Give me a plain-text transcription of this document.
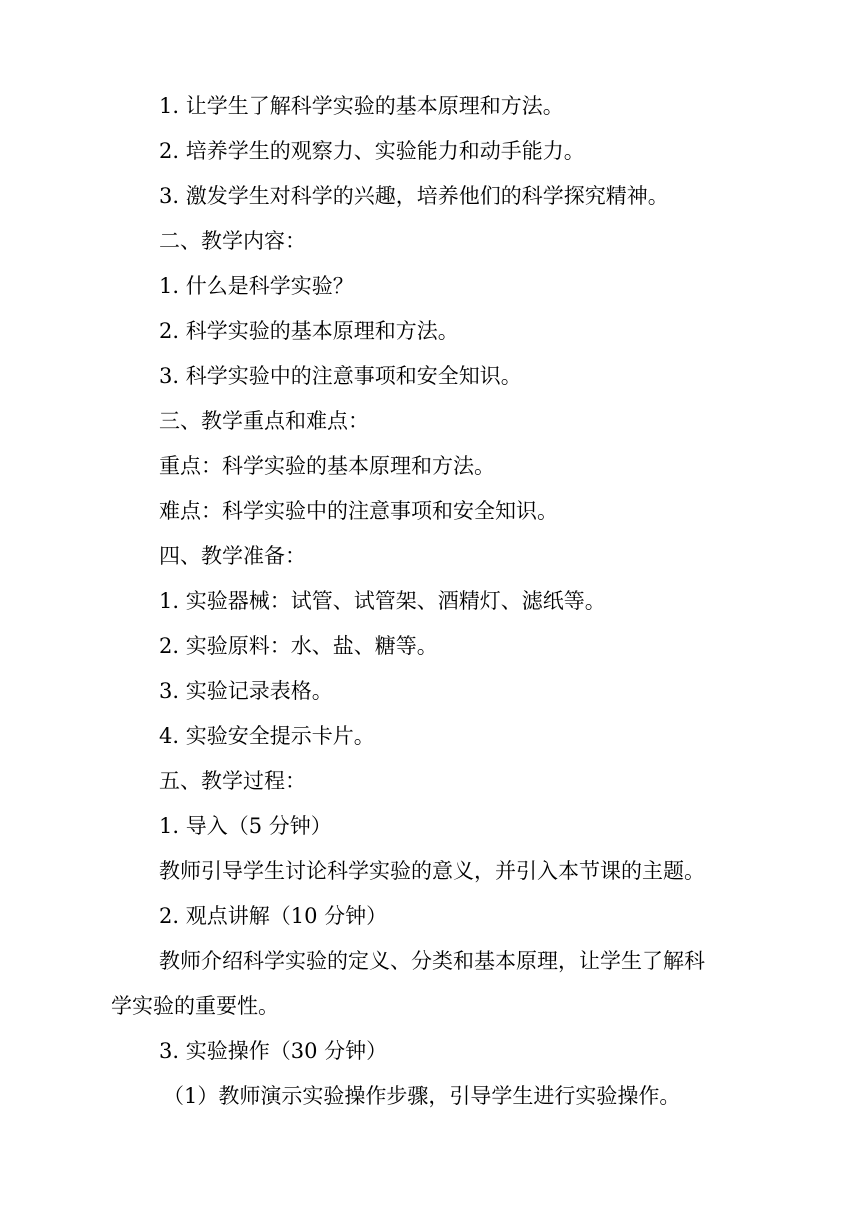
1. 让学生了解科学实验的基本原理和方法。
2. 培养学生的观察力、实验能力和动手能力。
3. 激发学生对科学的兴趣，培养他们的科学探究精神。
二、教学内容：
1. 什么是科学实验？
2. 科学实验的基本原理和方法。
3. 科学实验中的注意事项和安全知识。
三、教学重点和难点：
重点：科学实验的基本原理和方法。
难点：科学实验中的注意事项和安全知识。
四、教学准备：
1. 实验器械：试管、试管架、酒精灯、滤纸等。
2. 实验原料：水、盐、糖等。
3. 实验记录表格。
4. 实验安全提示卡片。
五、教学过程：
1. 导入（5 分钟）
教师引导学生讨论科学实验的意义，并引入本节课的主题。
2. 观点讲解（10 分钟）
教师介绍科学实验的定义、分类和基本原理，让学生了解科
学实验的重要性。
3. 实验操作（30 分钟）
（1）教师演示实验操作步骤，引导学生进行实验操作。
